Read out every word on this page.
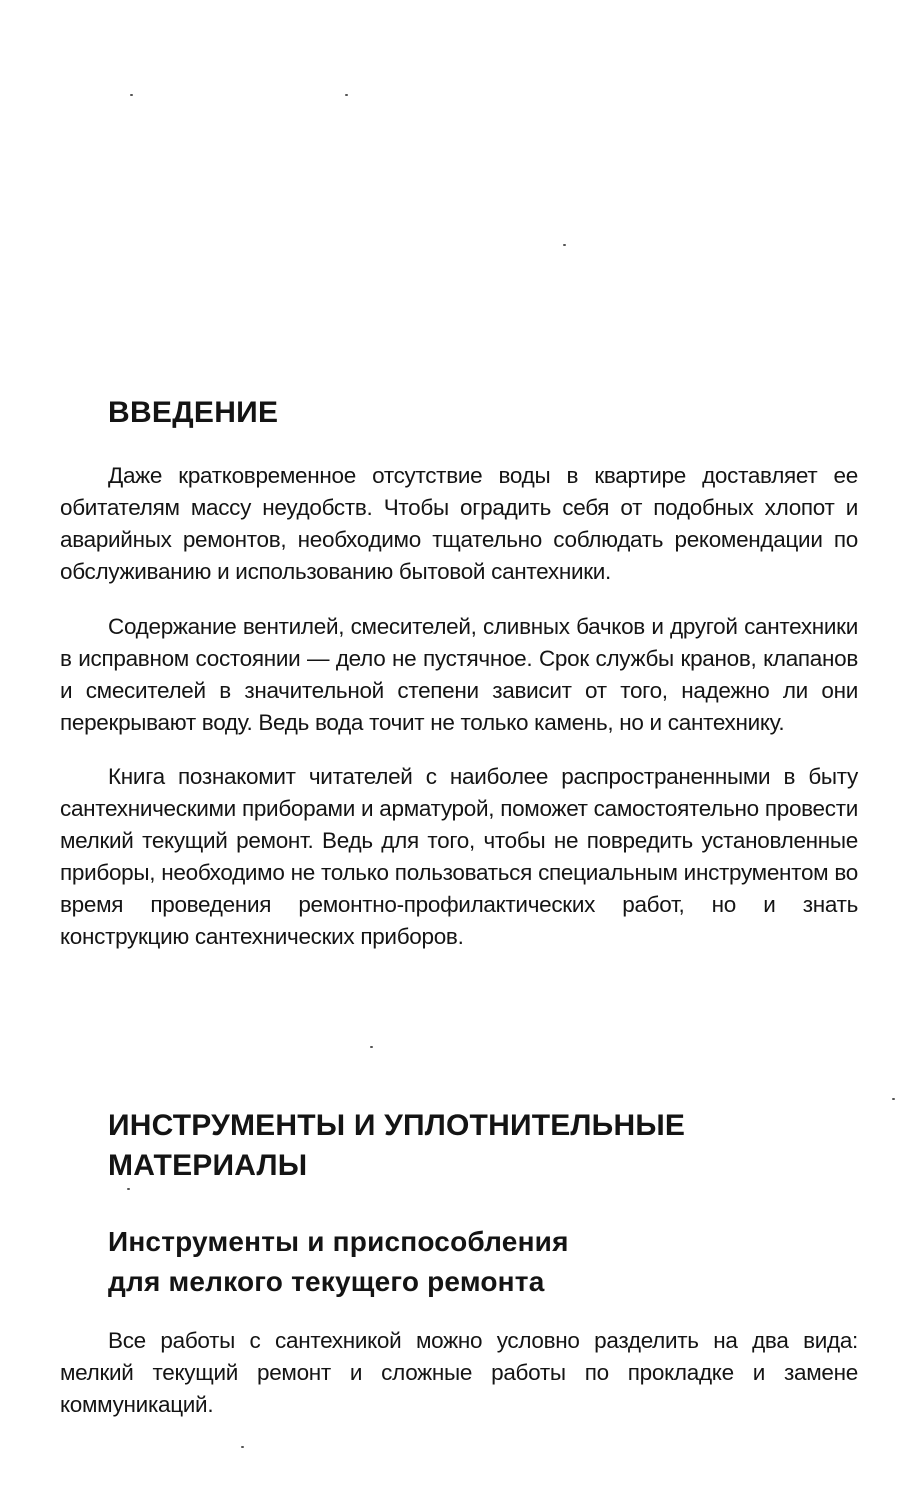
ВВЕДЕНИЕ

Даже кратковременное отсутствие воды в квартире доставляет ее обитателям массу неудобств. Чтобы оградить себя от подобных хлопот и аварийных ремонтов, необходимо тщательно соблюдать рекомендации по обслуживанию и использованию бытовой сантехники.

Содержание вентилей, смесителей, сливных бачков и другой сантехники в исправном состоянии — дело не пустячное. Срок службы кранов, клапанов и смесителей в значительной степени зависит от того, надежно ли они перекрывают воду. Ведь вода точит не только камень, но и сантехнику.

Книга познакомит читателей с наиболее распространенными в быту сантехническими приборами и арматурой, поможет самостоятельно провести мелкий текущий ремонт. Ведь для того, чтобы не повредить установленные приборы, необходимо не только пользоваться специальным инструментом во время проведения ремонтно-профилактических работ, но и знать конструкцию сантехнических приборов.

ИНСТРУМЕНТЫ И УПЛОТНИТЕЛЬНЫЕ
МАТЕРИАЛЫ
Инструменты и приспособления
для мелкого текущего ремонта

Все работы с сантехникой можно условно разделить на два вида: мелкий текущий ремонт и сложные работы по прокладке и замене коммуникаций.
